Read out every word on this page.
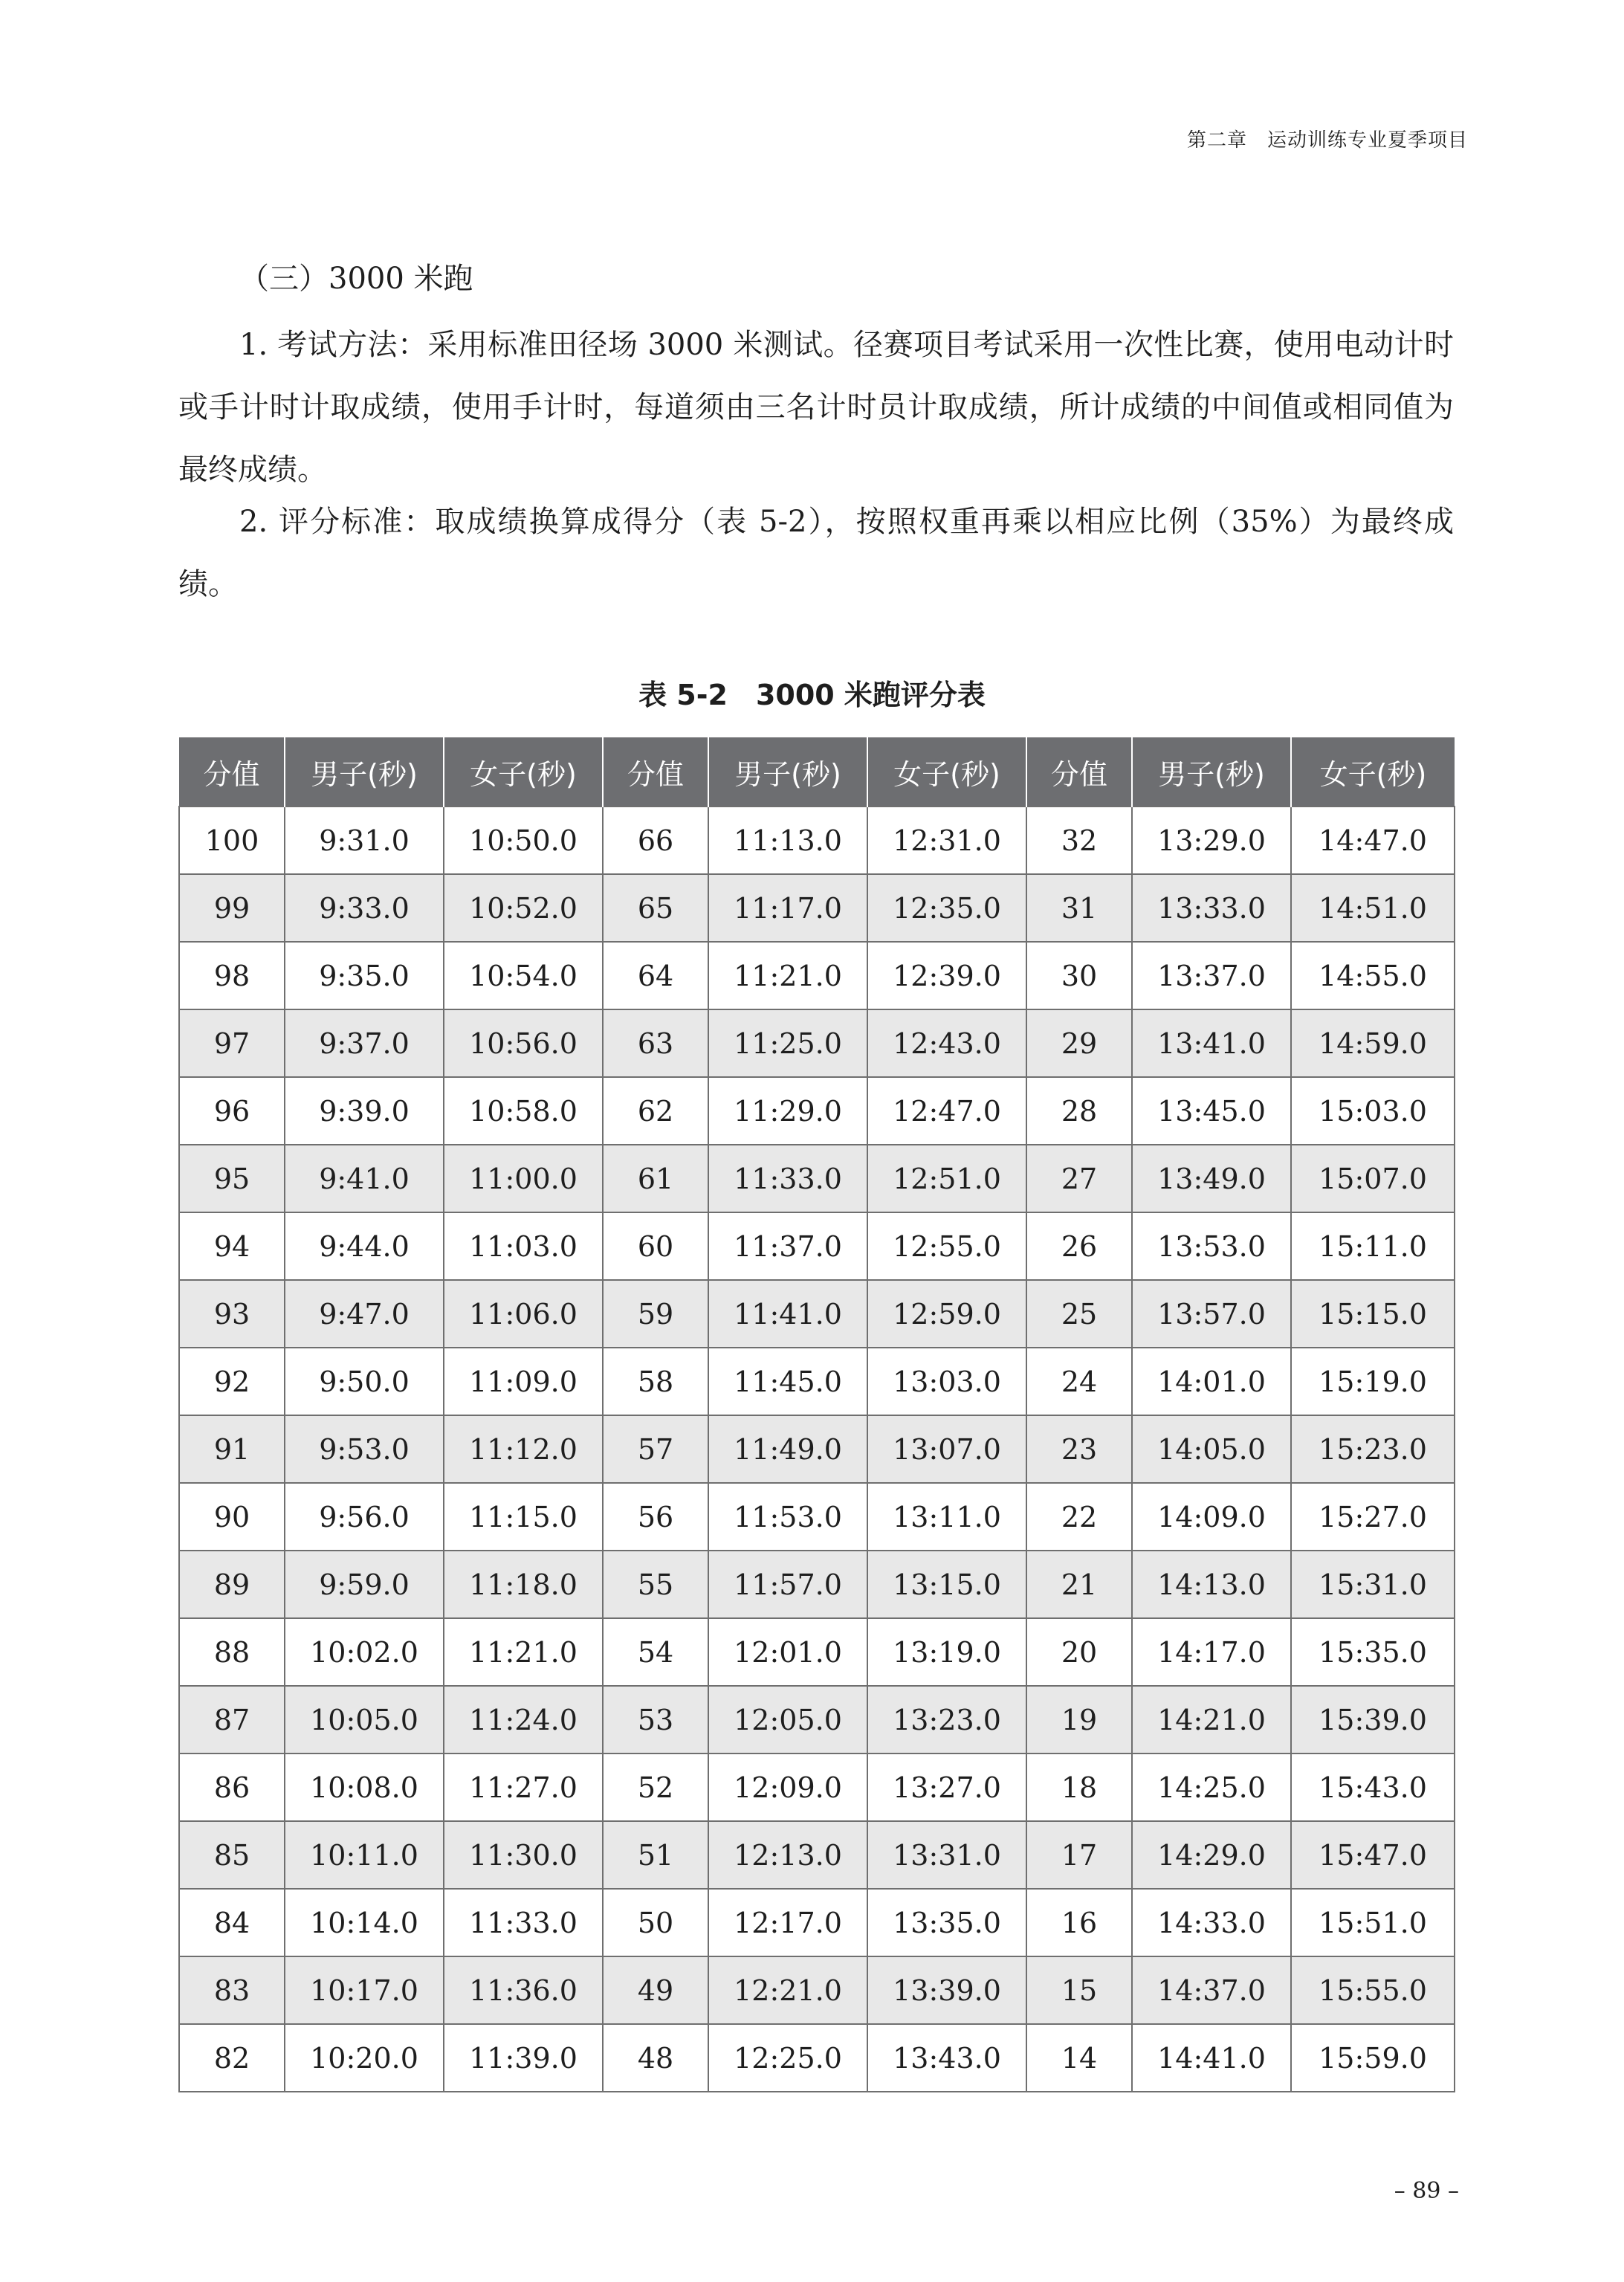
第二章　运动训练专业夏季项目
（三）3000 米跑

1. 考试方法：采用标准田径场 3000 米测试。径赛项目考试采用一次性比赛，使用电动计时或手计时计取成绩，使用手计时，每道须由三名计时员计取成绩，所计成绩的中间值或相同值为最终成绩。

2. 评分标准：取成绩换算成得分（表 5-2），按照权重再乘以相应比例（35%）为最终成绩。

表 5-2　3000 米跑评分表
分值	男子(秒)	女子(秒)	分值	男子(秒)	女子(秒)	分值	男子(秒)	女子(秒)
100	9:31.0	10:50.0	66	11:13.0	12:31.0	32	13:29.0	14:47.0
99	9:33.0	10:52.0	65	11:17.0	12:35.0	31	13:33.0	14:51.0
98	9:35.0	10:54.0	64	11:21.0	12:39.0	30	13:37.0	14:55.0
97	9:37.0	10:56.0	63	11:25.0	12:43.0	29	13:41.0	14:59.0
96	9:39.0	10:58.0	62	11:29.0	12:47.0	28	13:45.0	15:03.0
95	9:41.0	11:00.0	61	11:33.0	12:51.0	27	13:49.0	15:07.0
94	9:44.0	11:03.0	60	11:37.0	12:55.0	26	13:53.0	15:11.0
93	9:47.0	11:06.0	59	11:41.0	12:59.0	25	13:57.0	15:15.0
92	9:50.0	11:09.0	58	11:45.0	13:03.0	24	14:01.0	15:19.0
91	9:53.0	11:12.0	57	11:49.0	13:07.0	23	14:05.0	15:23.0
90	9:56.0	11:15.0	56	11:53.0	13:11.0	22	14:09.0	15:27.0
89	9:59.0	11:18.0	55	11:57.0	13:15.0	21	14:13.0	15:31.0
88	10:02.0	11:21.0	54	12:01.0	13:19.0	20	14:17.0	15:35.0
87	10:05.0	11:24.0	53	12:05.0	13:23.0	19	14:21.0	15:39.0
86	10:08.0	11:27.0	52	12:09.0	13:27.0	18	14:25.0	15:43.0
85	10:11.0	11:30.0	51	12:13.0	13:31.0	17	14:29.0	15:47.0
84	10:14.0	11:33.0	50	12:17.0	13:35.0	16	14:33.0	15:51.0
83	10:17.0	11:36.0	49	12:21.0	13:39.0	15	14:37.0	15:55.0
82	10:20.0	11:39.0	48	12:25.0	13:43.0	14	14:41.0	15:59.0
– 89 –
